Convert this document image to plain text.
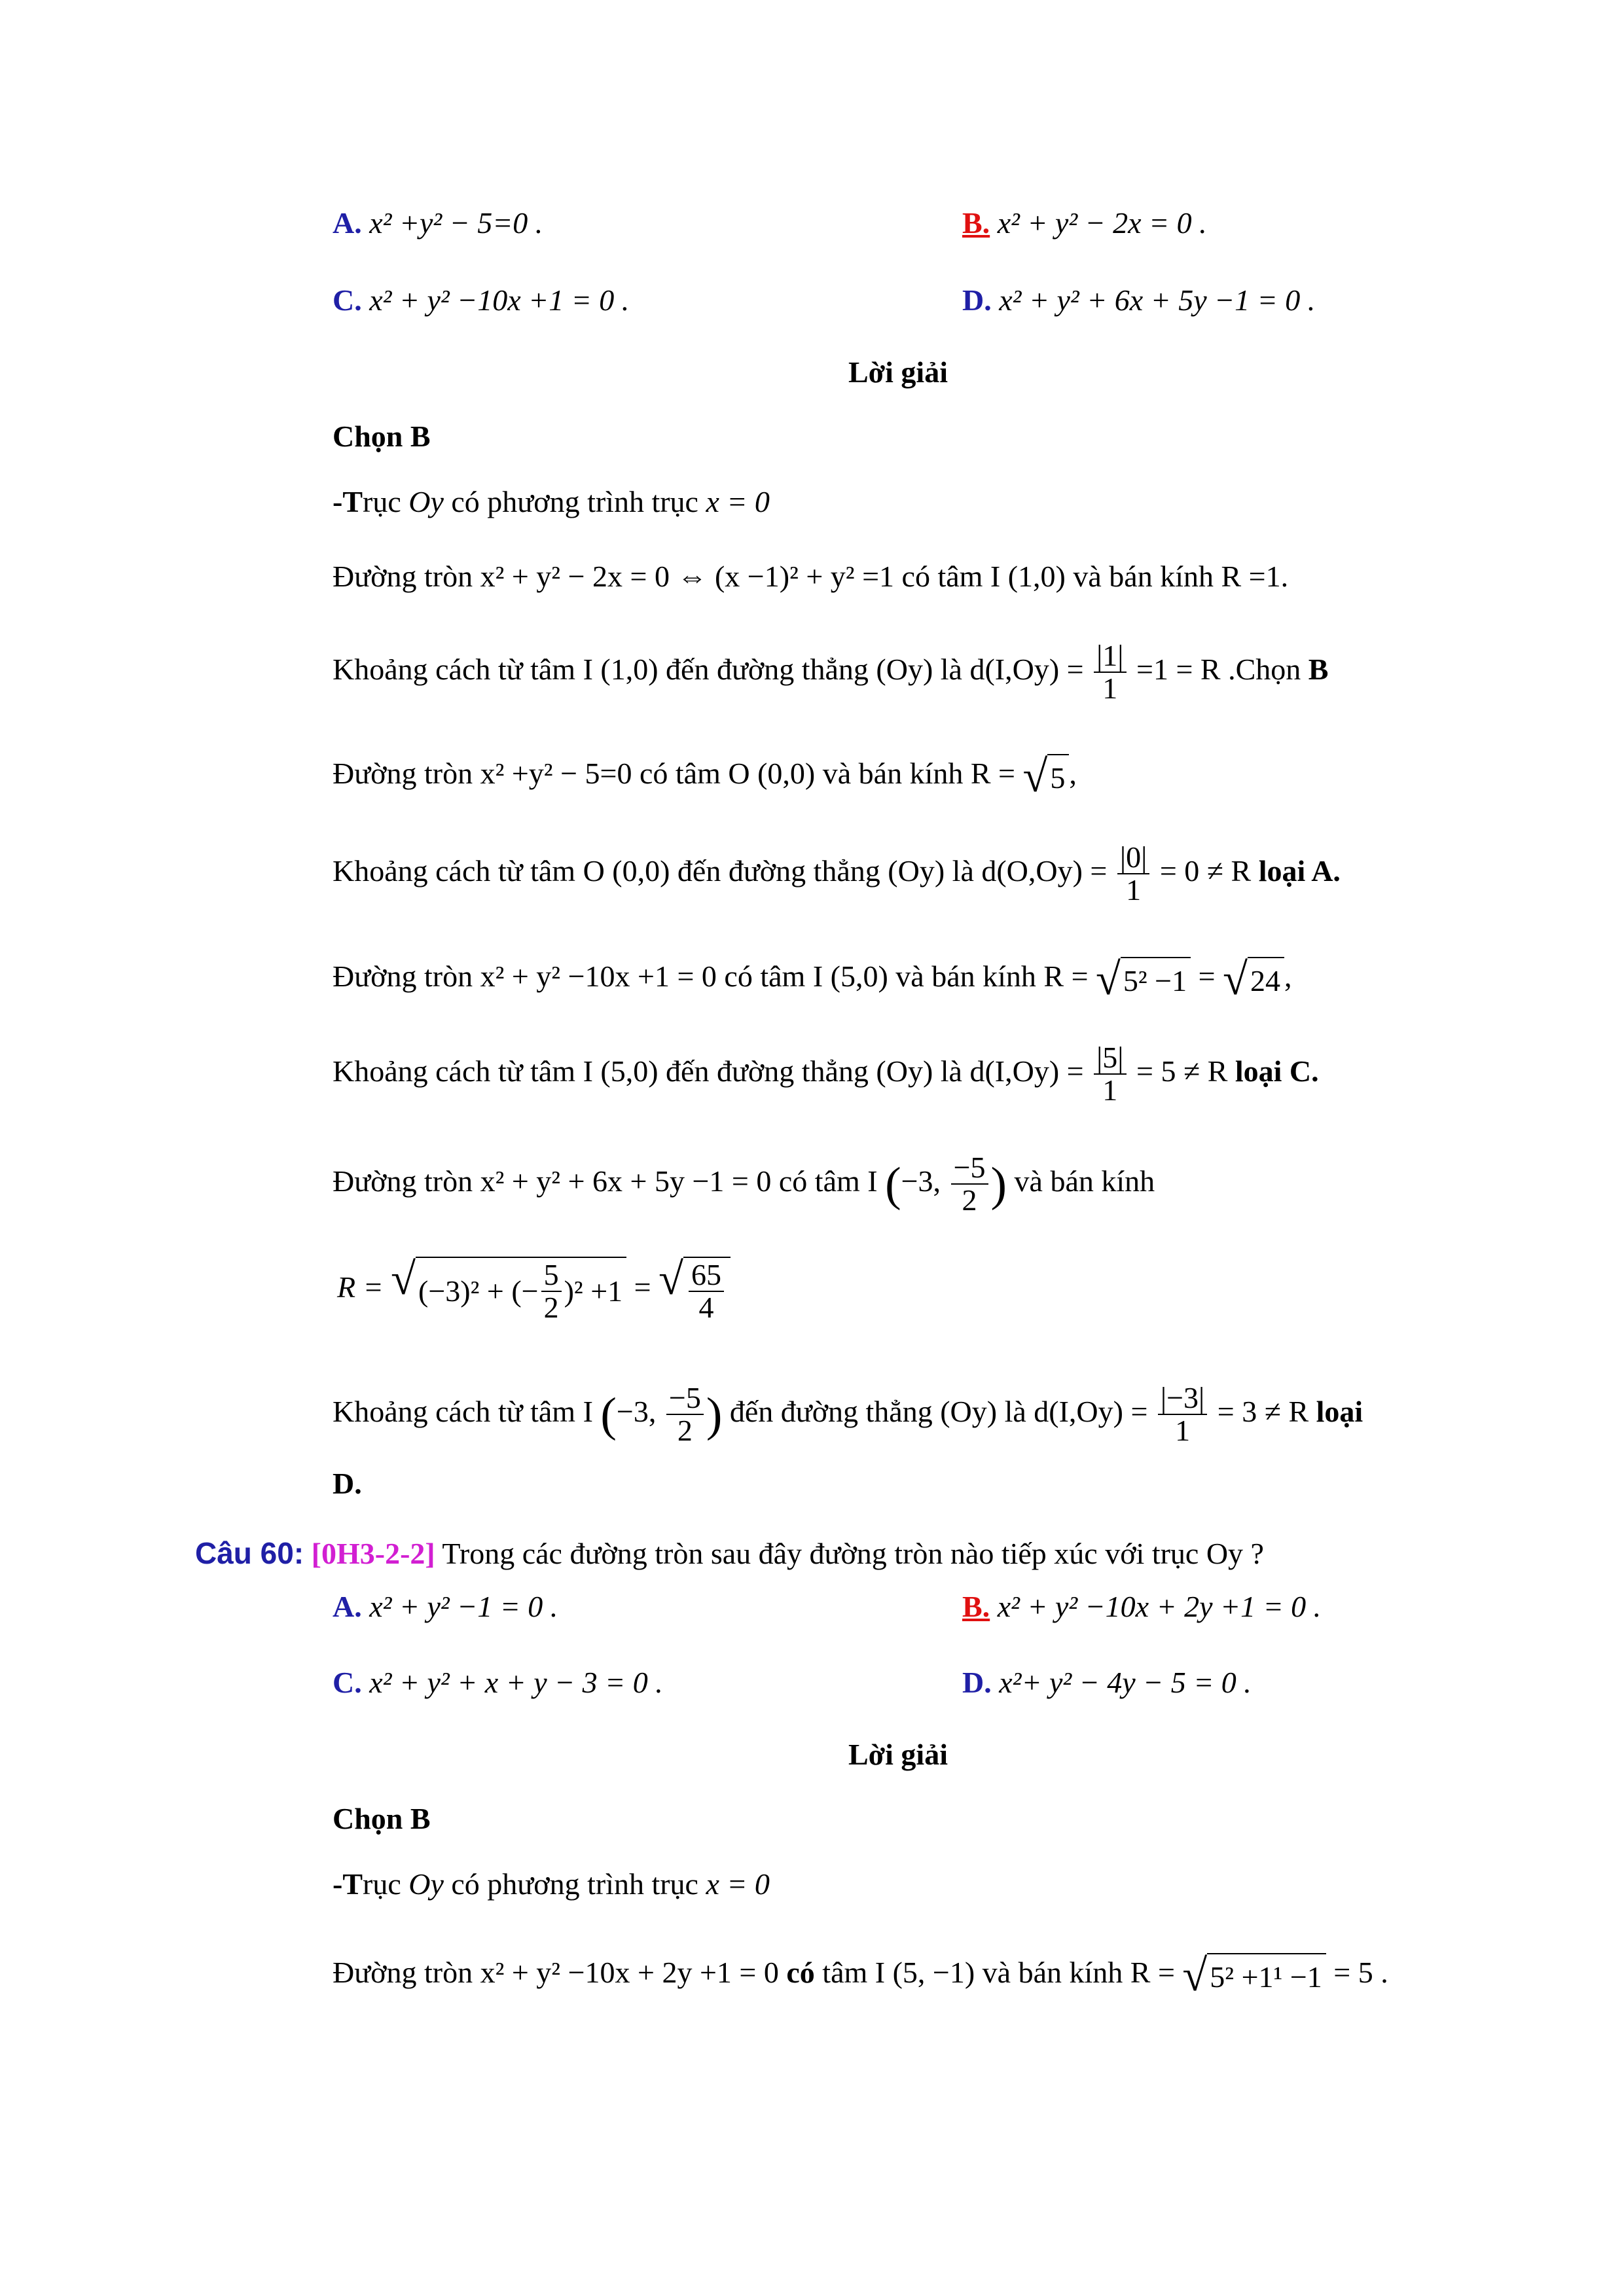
A. x² +y² − 5=0 .	B. x² + y² − 2x = 0 .
C. x² + y² −10x +1 = 0 .	D. x² + y² + 6x + 5y −1 = 0 .
Lời giải
Chọn B
-Trục Oy có phương trình trục x = 0
Đường tròn x² + y² − 2x = 0 ⇔ (x −1)² + y² =1 có tâm I (1,0) và bán kính R =1.
Khoảng cách từ tâm I (1,0) đến đường thẳng (Oy) là $d(I,Oy) = \frac{|1|}{1} =1 = R$ .Chọn B
Đường tròn x² +y² − 5=0 có tâm O (0,0) và bán kính R = √ 5 ,
Khoảng cách từ tâm O (0,0) đến đường thẳng (Oy) là $d(O,Oy) = \frac{|0|}{1} = 0 \ne R$ loại A.
Đường tròn x² + y² −10x +1 = 0 có tâm I (5,0) và bán kính R = √ 5² −1 = √ 24 ,
Khoảng cách từ tâm I (5,0) đến đường thẳng (Oy) là $d(I,Oy) = \frac{|5|}{1} = 5 \ne R$ loại C.
Đường tròn x² + y² + 6x + 5y −1 = 0 có tâm I (−3, $\frac{-5}{2}$ ) và bán kính
R = √ (−3)² + (− $\frac{5}{2} )^2 +1$ = √ $\frac{65}{4}$
Khoảng cách từ tâm I (−3, $\frac{-5}{2}$ ) đến đường thẳng (Oy) là $d(I,Oy) = \frac{|-3|}{1} = 3 \ne R$ loại
D.
Câu 60: [0H3-2-2] Trong các đường tròn sau đây đường tròn nào tiếp xúc với trục Oy ?
A. x² + y² −1 = 0 .	B. x² + y² −10x + 2y +1 = 0 .
C. x² + y² + x + y − 3 = 0 .	D. x²+ y² − 4y − 5 = 0 .
Lời giải
Chọn B
-Trục Oy có phương trình trục x = 0
Đường tròn x² + y² −10x + 2y +1 = 0 có tâm I (5, −1) và bán kính R = √ 5² +1¹ −1 = 5 .
